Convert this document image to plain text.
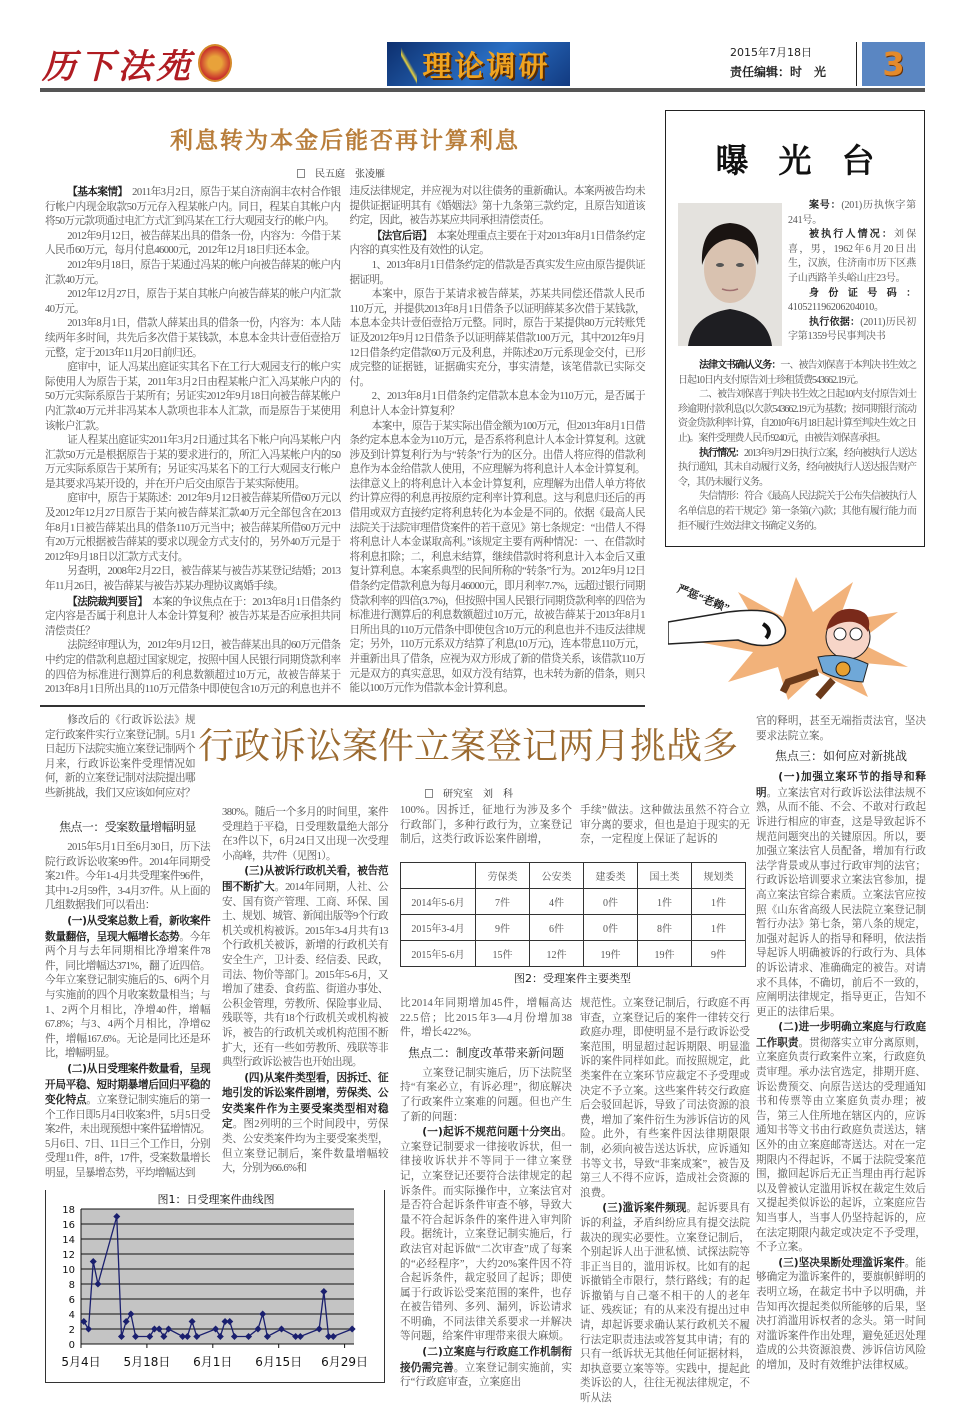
历下法苑	理论调研	2015年7月18日
责任编辑：时　光	3
利息转为本金后能否再计算利息
民五庭　张凌雁

【基本案情】　2011年3月2日，原告于某自济南润丰农村合作银行帐户内现金取款50万元存入程某帐户内。同日，程某自其帐户内将50万元款项通过电汇方式汇到冯某在工行大观园支行的帐户内。

2012年9月12日，被告薛某出具的借条一份，内容为：今借于某人民币60万元，每月付息46000元，2012年12月18日归还本金。

2012年9月18日，原告于某通过冯某的帐户向被告薛某的帐户内汇款40万元。

2012年12月27日，原告于某自其帐户向被告薛某的帐户内汇款40万元。

2013年8月1日，借款人薛某出具的借条一份，内容为：本人陆续两年多时间，共先后多次借于某钱款，本息本金共计壹佰壹拾万元整，定于2013年11月20日前归还。

庭审中，证人冯某出庭证实其名下在工行大观园支行的帐户实际使用人为原告于某，2011年3月2日由程某帐户汇入冯某帐户内的50万元实际系原告于某所有；另证实2012年9月18日向被告薛某帐户内汇款40万元并非冯某本人款项也非本人汇款，而是原告于某使用该帐户汇款。

证人程某出庭证实2011年3月2日通过其名下帐户向冯某帐户内汇款50万元是根据原告于某的要求进行的，所汇入冯某帐户内的50万元实际系原告于某所有；另证实冯某名下的工行大观园支行帐户是其要求冯某开设的，并在开户后交由原告于某实际使用。

庭审中，原告于某陈述：2012年9月12日被告薛某所借60万元以及2012年12月27日原告于某向被告薛某汇款40万元全部包含在2013年8月1日被告薛某出具的借条110万元当中；被告薛某所借60万元中有20万元根据被告薛某的要求以现金方式支付的，另外40万元是于2012年9月18日以汇款方式支付。

另查明，2008年2月22日，被告薛某与被告苏某登记结婚；2013年11月26日，被告薛某与被告苏某办理协议离婚手续。

【法院裁判要旨】　本案的争议焦点在于：2013年8月1日借条约定内容是否属于利息计人本金计算复利？被告苏某是否应承担共同清偿责任？

法院经审理认为，2012年9月12日，被告薛某出具的60万元借条中约定的借款利息超过国家规定，按照中国人民银行同期贷款利率的四倍为标准进行测算后的利息数额超过10万元，故被告薛某于2013年8月1日所出具的110万元借条中即使包含10万元的利息也并不违反法律规定，并应视为对以往债务的重新确认。本案两被告均未提供证据证明其有《婚姻法》第十九条第三款约定，且原告知道该约定，因此，被告苏某应共同承担清偿责任。

【法官后语】　本案处理重点主要在于对2013年8月1日借条约定内容的真实性及有效性的认定。

1、2013年8月1日借条约定的借款是否真实发生应由原告提供证据证明。

本案中，原告于某请求被告薛某，苏某共同偿还借款人民币110万元，并提供2013年8月1日借条予以证明薛某多次借于某钱款，本息本金共计壹佰壹拾万元整。同时，原告于某提供80万元转账凭证及2012年9月12日借条予以证明薛某借款100万元，其中2012年9月12日借条约定借款60万元及利息，并陈述20万元系现金交付，已形成完整的证据链，证据确实充分，事实清楚，该笔借款已实际交付。

2、2013年8月1日借条约定借款本息本金为110万元，是否属于利息计人本金计算复利？

本案中，原告于某实际出借金额为100万元，但2013年8月1日借条约定本息本金为110万元，是否系将利息计人本金计算复利。这就涉及到计算复利行为与“转条”行为的区分。出借人将应得的借款利息作为本金给借款人使用，不应理解为将利息计人本金计算复利。法律意义上的将利息计入本金计算复利，应理解为出借人单方将依约计算应得的利息再按原约定利率计算利息。这与利息归还后的再借用或双方直接约定将利息转化为本金是不同的。依据《最高人民法院关于法院审理借贷案件的若干意见》第七条规定：“出借人不得将利息计人本金谋取高利。”该规定主要有两种情况：一、在借款时将利息扣除；二，利息未结算，继续借款时将利息计入本金后又重复计算利息。本案系典型的民间所称的“转条”行为。2012年9月12日借条约定借款利息为每月46000元，即月利率7.7%，远超过银行同期贷款利率的四倍(3.7%)，但按照中国人民银行同期贷款利率的四倍为标准进行测算后的利息数额超过10万元，故被告薛某于2013年8月1日所出具的110万元借条中即使包含10万元的利息也并不违反法律规定；另外，110万元系双方结算了利息(10万元)，连本带息110万元，并重新出具了借条，应视为双方形成了新的借贷关系，该借款110万元是双方的真实意思，如双方没有结算，也未转为新的借条，则只能以100万元作为借款本金计算利息。

曝光台

案号：(201)历执恢字第241号。

被执行人情况：刘保喜，男，1962年6月20日出生，汉族，住济南市历下区燕子山西路羊头峪山庄23号。

身份证号码：410521196206204010。

执行依据：(2011)历民初字第1359号民事判决书

法律文书确认义务：一、被告刘保喜于本判决书生效之日起10日内支付原告刘士珍租赁费543662.19元。

二、被告刘保喜于判决书生效之日起10内支付原告刘士珍逾期付款利息(以欠款543662.19元为基数；按同期银行流动资金贷款利率计算，自2010年6月18日起计算至判决生效之日止)。案件受理费人民币9240元，由被告刘保喜承担。

执行情况：2013年9月29日执行立案，经向被执行人送达执行通知，其未自动履行义务，经向被执行人送达报告财产令，其仍未履行义务。

失信情形：符合《最高人民法院关于公布失信被执行人名单信息的若干规定》第一条第(六)款；其他有履行能力而拒不履行生效法律文书确定义务的。

严惩“老赖”

修改后的《行政诉讼法》规定行政案件实行立案登记制。5月1日起历下法院实施立案登记制两个月来，行政诉讼案件受理情况如何，新的立案登记制对法院提出哪些新挑战，我们又应该如何应对？

行政诉讼案件立案登记两月挑战多
研究室　刘　科
焦点一：受案数量增幅明显

2015年5月1日至6月30日，历下法院行政诉讼收案99件。2014年同期受案21件。今年1-4月共受理案件96件，其中1-2月59件，3-4月37件。从上面的几组数据我们可以看出：

(一)从受案总数上看，新收案件数量翻倍，呈现大幅增长态势。今年两个月与去年同期相比净增案件78件，同比增幅达371%，翻了近四倍。今年立案登记制实施后的5、6两个月与实施前的四个月收案数量相当；与1、2两个月相比，净增40件，增幅67.8%；与3、4两个月相比，净增62件，增幅167.6%。无论是同比还是环比，增幅明显。

(二)从日受理案件数量看，呈现开局平稳、短时期暴增后回归平稳的变化特点。立案登记制实施后的第一个工作日即5月4日收案3件，5月5日受案2件，未出现预想中案件猛增情况。5月6日、7日、11日三个工作日，分别受理11件，8件，17件，受案数量增长明显，呈暴增态势，平均增幅达到

380%。随后一个多月的时间里，案件受理趋于平稳，日受理数量绝大部分在3件以下，6月24日又出现一次受理小高峰，共7件（见图1）。

(三)从被诉行政机关看，被告范围不断扩大。2014年同期，人社、公安、国有资产管理、工商、环保、国土、规划、城管、新闻出版等9个行政机关或机构被诉。2015年3-4月共有13个行政机关被诉，新增的行政机关有安全生产，卫计委、经信委、民政，司法、物价等部门。2015年5-6月，又增加了建委、食药监、街道办事处、公积金管理，劳教所、保险事业局、残联等，共有18个行政机关或机构被诉，被告的行政机关或机构范围不断扩大，还有一些如劳教所、残联等非典型行政诉讼被告也开始出现。

(四)从案件类型看，因拆迁、征地引发的诉讼案件剧增，劳保类、公安类案件作为主要受案类型相对稳定。图2列明的三个时间段中，劳保类、公安类案件均为主要受案类型，但立案登记制后，案件数量增幅较大，分别为66.6%和

100%。因拆迁，征地行为涉及多个行政部门，多种行政行为，立案登记制后，这类行政诉讼案件剧增，

手续”做法。这种做法虽然不符合立审分离的要求，但也是迫于现实的无奈，一定程度上保证了起诉的

	劳保类	公安类	建委类	国土类	规划类
2014年5-6月	7件	4件	0件	1件	1件
2015年3-4月	9件	6件	0件	8件	1件
2015年5-6月	15件	12件	19件	19件	9件
图2：受理案件主要类型

比2014年同期增加45件，增幅高达22.5倍；比2015年3—4月份增加38件，增长422%。

焦点二：制度改革带来新问题

立案登记制实施后，历下法院坚持“有案必立，有诉必理”，彻底解决了行政案件立案难的问题。但也产生了新的问题：

(一)起诉不规范问题十分突出。立案登记制要求一律接收诉状，但一律接收诉状并不等同于一律立案登记，立案登记还要符合法律规定的起诉条件。而实际操作中，立案法官对是否符合起诉条件审查不够，导致大量不符合起诉条件的案件进入审判阶段。据统计，立案登记制实施后，行政法官对起诉做“二次审查”成了每案的“必经程序”，大约20%案件因不符合起诉条件，裁定驳回了起诉；即使属于行政诉讼受案范围的案件，也存在被告错列、多列、漏列，诉讼请求不明确，不同法律关系要求一并解决等问题，给案件审理带来很大麻烦。

(二)立案庭与行政庭工作机制衔接仍需完善。立案登记制实施前，实行“行政庭审查，立案庭出

规范性。立案登记制后，行政庭不再审查，立案登记后的案件一律转交行政庭办理，即使明显不是行政诉讼受案范围，明显超过起诉期限、明显滥诉的案件同样如此。而按照规定，此类案件在立案环节应裁定不予受理或决定不予立案。这些案件转交行政庭后会驳回起诉，导致了司法资源的浪费，增加了案件衍生为涉诉信访的风险。此外，有些案件因法律期限限制，必须向被告送达诉状，应诉通知书等文书，导致“非案成案”，被告及第三人不得不应诉，造成社会资源的浪费。

(三)滥诉案件频现。起诉要具有诉的利益，矛盾纠纷应具有提交法院裁决的现实必要性。立案登记制后，个别起诉人出于泄私愤、试探法院等非正当目的，滥用诉权。比如有的起诉撤销全市限行，禁行路线；有的起诉撤销与自己毫不相干的人的老年证、残疾证；有的从来没有提出过申请，却起诉要求确认某行政机关不履行法定职责违法或答复其申请；有的只有一纸诉状无其他任何证据材料，却执意要立案等等。实践中，提起此类诉讼的人，往往无视法律规定，不听从法

官的释明，甚至无端指责法官，坚决要求法院立案。

焦点三：如何应对新挑战

(一)加强立案环节的指导和释明。立案法官对行政诉讼法律法规不熟，从而不能、不会、不敢对行政起诉进行相应的审查，这是导致起诉不规范问题突出的关键原因。所以，要加强立案法官人员配备，增加有行政法学背景或从事过行政审判的法官；行政诉讼培训要求立案法官参加，提高立案法官综合素质。立案法官应按照《山东省高级人民法院立案登记制暂行办法》第七条，第八条的规定，加强对起诉人的指导和释明，依法指导起诉人明确被诉的行政行为、具体的诉讼请求、准确确定的被告。对请求不具体，不确切，前后不一致的，应阐明法律规定，指导更正，告知不更正的法律后果。

(二)进一步明确立案庭与行政庭工作职责。贯彻落实立审分离原则，立案庭负责行政案件立案，行政庭负责审理。承办法官选定，排期开庭、诉讼费预交、向原告送达的受理通知书和传票等由立案庭负责办理；被告，第三人住所地在辖区内的，应诉通知书等文书由行政庭负责送达，辖区外的由立案庭邮寄送达。对在一定期限内不得起诉，不属于法院受案范围，撤回起诉后无正当理由再行起诉以及曾被认定滥用诉权在裁定生效后又提起类似诉讼的起诉，立案庭应告知当事人，当事人仍坚持起诉的，应在法定期限内裁定或决定不予受理，不予立案。

(三)坚决果断处理滥诉案件。能够确定为滥诉案件的，要旗帜鲜明的表明立场，在裁定书中予以明确，并告知再次提起类似所能够的后果，坚决打消滥用诉权者的念头。第一时间对滥诉案件作出处理，避免延迟处理造成的公共资源浪费、涉诉信访风险的增加，及时有效维护法律权威。

图1：日受理案件曲线图
0
2
4
6
8
10
12
14
16
18
5月4日 5月18日 6月1日 6月15日 6月29日
